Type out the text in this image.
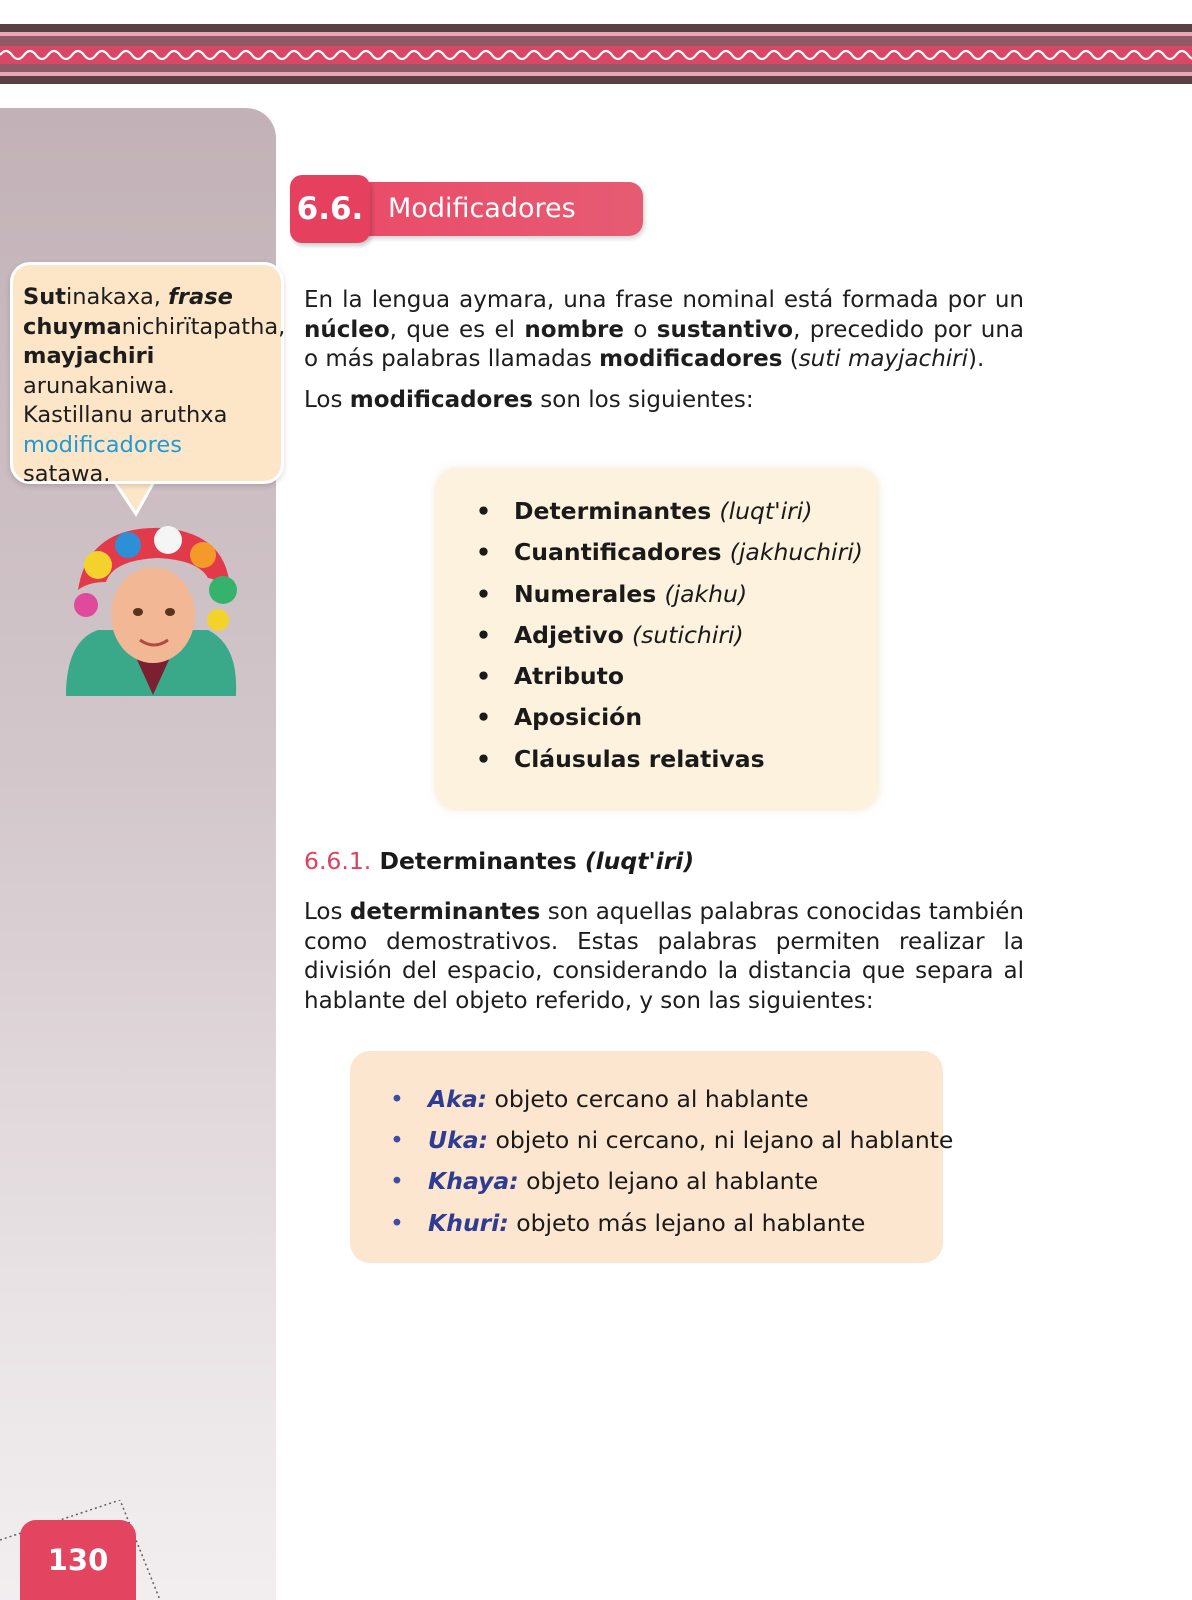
Sutinakaxa, frase
chuymanichirïtapatha,
mayjachiri
arunakaniwa.
Kastillanu aruthxa
modificadores satawa.
Modificadores
6.6.

En la lengua aymara, una frase nominal está formada por un núcleo, que es el nombre o sustantivo, precedido por una o más palabras llamadas modificadores (suti mayjachiri).

Los modificadores son los siguientes:

• Determinantes (luqt'iri)
• Cuantificadores (jakhuchiri)
• Numerales (jakhu)
• Adjetivo (sutichiri)
• Atributo
• Aposición
• Cláusulas relativas
6.6.1. Determinantes (luqt'iri)

Los determinantes son aquellas palabras conocidas también como demostrativos. Estas palabras permiten realizar la división del espacio, considerando la distancia que separa al hablante del objeto referido, y son las siguientes:

• Aka: objeto cercano al hablante
• Uka: objeto ni cercano, ni lejano al hablante
• Khaya: objeto lejano al hablante
• Khuri: objeto más lejano al hablante
130
